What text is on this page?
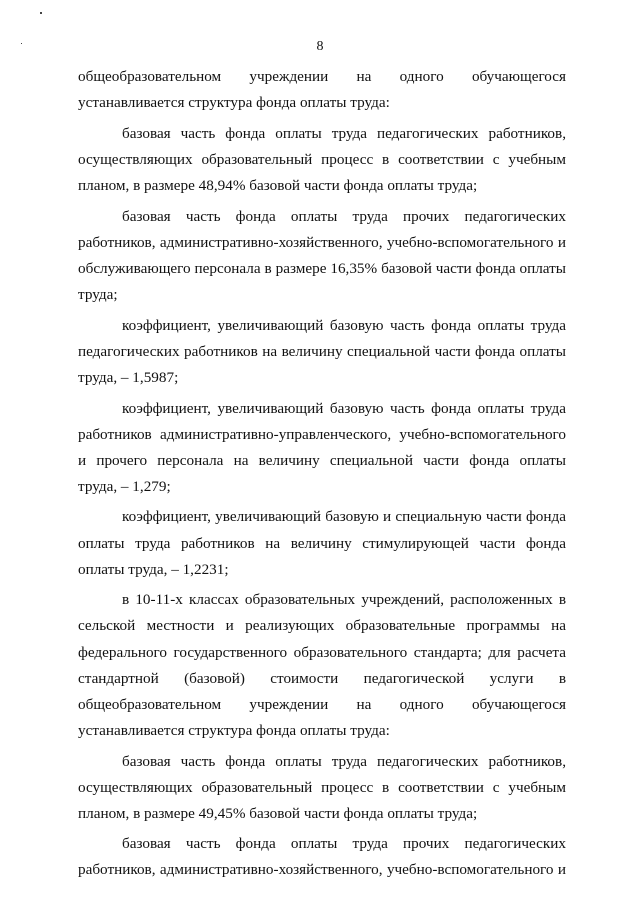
8
общеобразовательном учреждении на одного обучающегося
устанавливается структура фонда оплаты труда:
базовая часть фонда оплаты труда педагогических работников,
осуществляющих образовательный процесс в соответствии с учебным
планом, в размере 48,94% базовой части фонда оплаты труда;
базовая часть фонда оплаты труда прочих педагогических
работников, административно-хозяйственного, учебно-вспомогательного и
обслуживающего персонала в размере 16,35% базовой части фонда оплаты
труда;
коэффициент, увеличивающий базовую часть фонда оплаты труда
педагогических работников на величину специальной части фонда оплаты
труда, – 1,5987;
коэффициент, увеличивающий базовую часть фонда оплаты труда
работников административно-управленческого, учебно-вспомогательного
и прочего персонала на величину специальной части фонда оплаты
труда, – 1,279;
коэффициент, увеличивающий базовую и специальную части фонда
оплаты труда работников на величину стимулирующей части фонда
оплаты труда, – 1,2231;
в 10-11-х классах образовательных учреждений, расположенных в
сельской местности и реализующих образовательные программы на
федерального государственного образовательного стандарта; для расчета
стандартной (базовой) стоимости педагогической услуги в
общеобразовательном учреждении на одного обучающегося
устанавливается структура фонда оплаты труда:
базовая часть фонда оплаты труда педагогических работников,
осуществляющих образовательный процесс в соответствии с учебным
планом, в размере 49,45% базовой части фонда оплаты труда;
базовая часть фонда оплаты труда прочих педагогических
работников, административно-хозяйственного, учебно-вспомогательного и
